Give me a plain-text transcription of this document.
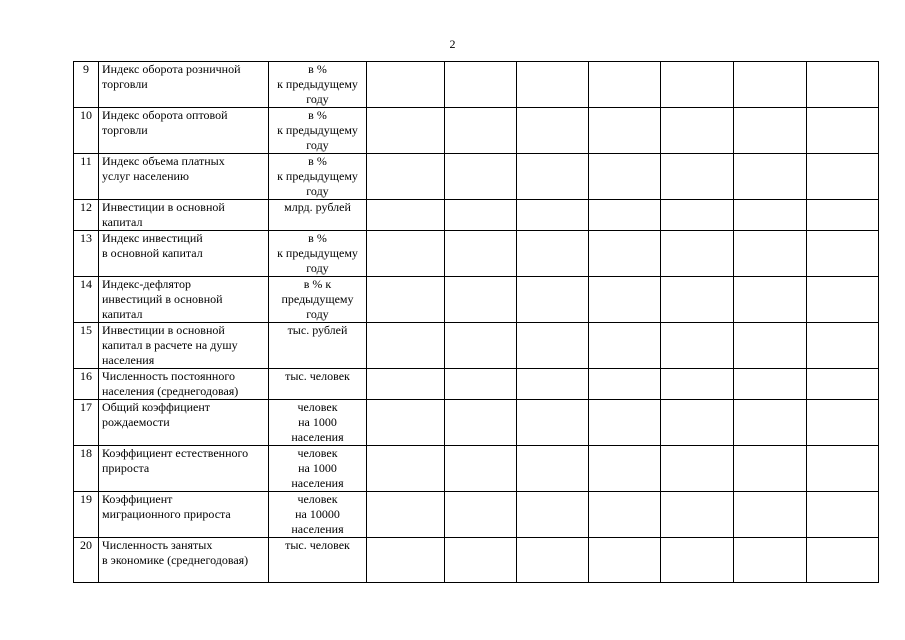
2
9	Индекс оборота розничной
торговли	в %
к предыдущему
году							

10	Индекс оборота оптовой
торговли	в %
к предыдущему
году							

11	Индекс объема платных
услуг населению	в %
к предыдущему
году							

12	Инвестиции в основной
капитал	млрд. рублей							

13	Индекс инвестиций
в основной капитал	в %
к предыдущему
году							

14	Индекс-дефлятор
инвестиций в основной
капитал	в % к
предыдущему
году							

15	Инвестиции в основной
капитал в расчете на душу
населения	тыс. рублей							

16	Численность постоянного
населения (среднегодовая)	тыс. человек							

17	Общий коэффициент
рождаемости	человек
на 1000
населения							

18	Коэффициент естественного
прироста	человек
на 1000
населения							

19	Коэффициент
миграционного прироста	человек
на 10000
населения							

20	Численность занятых
в экономике (среднегодовая)	тыс. человек							
